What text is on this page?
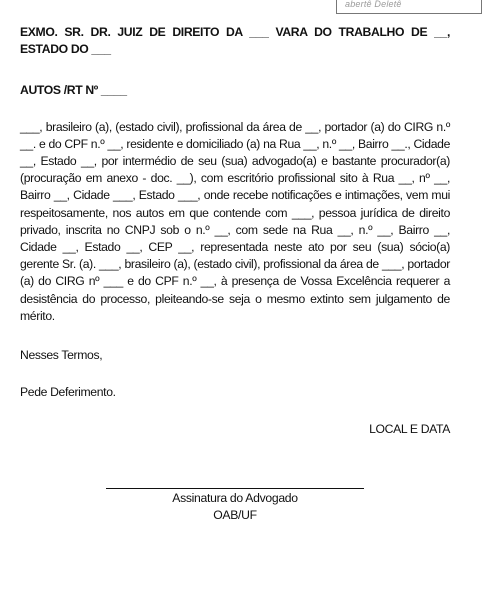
abertê Deletê

EXMO. SR. DR. JUIZ DE DIREITO DA ___ VARA DO TRABALHO DE __, ESTADO DO ___

AUTOS /RT Nº ____

___, brasileiro (a), (estado civil), profissional da área de __, portador (a) do CIRG n.º __. e do CPF n.º __, residente e domiciliado (a) na Rua __, n.º __, Bairro __., Cidade __, Estado __, por intermédio de seu (sua) advogado(a) e bastante procurador(a) (procuração em anexo - doc. __), com escritório profissional sito à Rua __, nº __, Bairro __, Cidade ___, Estado ___, onde recebe notificações e intimações, vem mui respeitosamente, nos autos em que contende com ___, pessoa jurídica de direito privado, inscrita no CNPJ sob o n.º __, com sede na Rua __, n.º __, Bairro __, Cidade __, Estado __, CEP __, representada neste ato por seu (sua) sócio(a) gerente Sr. (a). ___, brasileiro (a), (estado civil), profissional da área de ___, portador (a) do CIRG nº ___ e do CPF n.º __, à presença de Vossa Excelência requerer a desistência do processo, pleiteando-se seja o mesmo extinto sem julgamento de mérito.

Nesses Termos,

Pede Deferimento.

LOCAL E DATA

Assinatura do Advogado
OAB/UF
